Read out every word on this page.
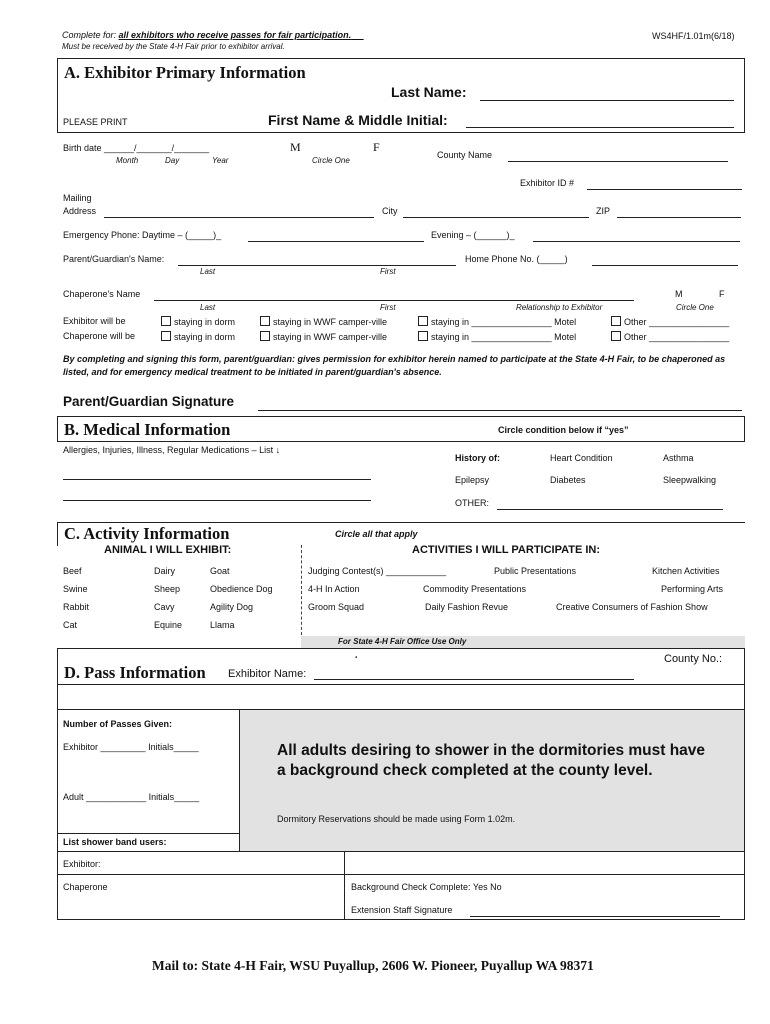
Complete for: all exhibitors who receive passes for fair participation.
Must be received by the State 4-H Fair prior to exhibitor arrival.
WS4HF/1.01m(6/18)
A. Exhibitor Primary Information
Last Name:
PLEASE PRINT	First Name & Middle Initial:
Birth date ______/_______/_______
Month	Day	Year
M	F
Circle One
County Name
Exhibitor ID #
Mailing
Address	City	ZIP
Emergency Phone: Daytime – (_____)_	Evening – (______)_
Parent/Guardian's Name:
Last	First
Home Phone No. (_____)
Chaperone's Name	M	F
Last	First	Relationship to Exhibitor	Circle One
Exhibitor will be	staying in dorm	staying in WWF camper-ville	staying in ________________ Motel	Other ________________
Chaperone will be	staying in dorm	staying in WWF camper-ville	staying in ________________ Motel	Other ________________
By completing and signing this form, parent/guardian: gives permission for exhibitor herein named to participate at the State 4-H Fair, to be chaperoned as listed, and for emergency medical treatment to be initiated in parent/guardian's absence.
Parent/Guardian Signature
B. Medical Information	Circle condition below if “yes”
Allergies, Injuries, Illness, Regular Medications – List ↓
History of:	Heart Condition	Asthma
Epilepsy	Diabetes	Sleepwalking
OTHER:
C. Activity Information	Circle all that apply
ANIMAL I WILL EXHIBIT:	ACTIVITIES I WILL PARTICIPATE IN:
Beef	Dairy	Goat
Swine	Sheep	Obedience Dog
Rabbit	Cavy	Agility Dog
Cat	Equine	Llama
Judging Contest(s) ____________	Public Presentations	Kitchen Activities
4-H In Action	Commodity Presentations	Performing Arts
Groom Squad	Daily Fashion Revue	Creative Consumers of Fashion Show
For State 4-H Fair Office Use Only
.
D. Pass Information Exhibitor Name:
County No.:
All adults desiring to shower in the dormitories must have a background check completed at the county level.
Dormitory Reservations should be made using Form 1.02m.
Number of Passes Given:
Exhibitor _________ Initials_____
Adult ____________ Initials_____
List shower band users:
Exhibitor:
Chaperone	Background Check Complete: Yes No
Extension Staff Signature
Mail to: State 4-H Fair, WSU Puyallup, 2606 W. Pioneer, Puyallup WA 98371
